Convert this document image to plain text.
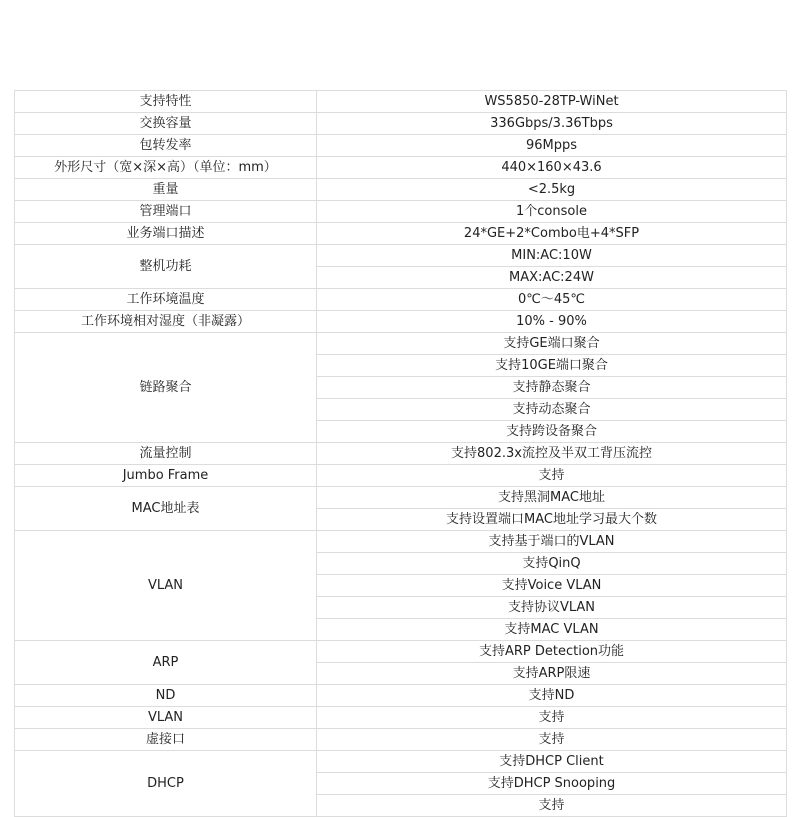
支持特性	WS5850-28TP-WiNet
交换容量	336Gbps/3.36Tbps
包转发率	96Mpps
外形尺寸（宽×深×高）（单位：mm）	440×160×43.6
重量	<2.5kg
管理端口	1个console
业务端口描述	24*GE+2*Combo电+4*SFP
整机功耗	MIN:AC:10W
	MAX:AC:24W
工作环境温度	0℃～45℃
工作环境相对湿度（非凝露）	10% - 90%
链路聚合	支持GE端口聚合
	支持10GE端口聚合
	支持静态聚合
	支持动态聚合
	支持跨设备聚合
流量控制	支持802.3x流控及半双工背压流控
Jumbo Frame	支持
MAC地址表	支持黑洞MAC地址
	支持设置端口MAC地址学习最大个数
VLAN	支持基于端口的VLAN
	支持QinQ
	支持Voice VLAN
	支持协议VLAN
	支持MAC VLAN
ARP	支持ARP Detection功能
	支持ARP限速
ND	支持ND
VLAN	支持
虚接口	支持
DHCP	支持DHCP Client
	支持DHCP Snooping
	支持
